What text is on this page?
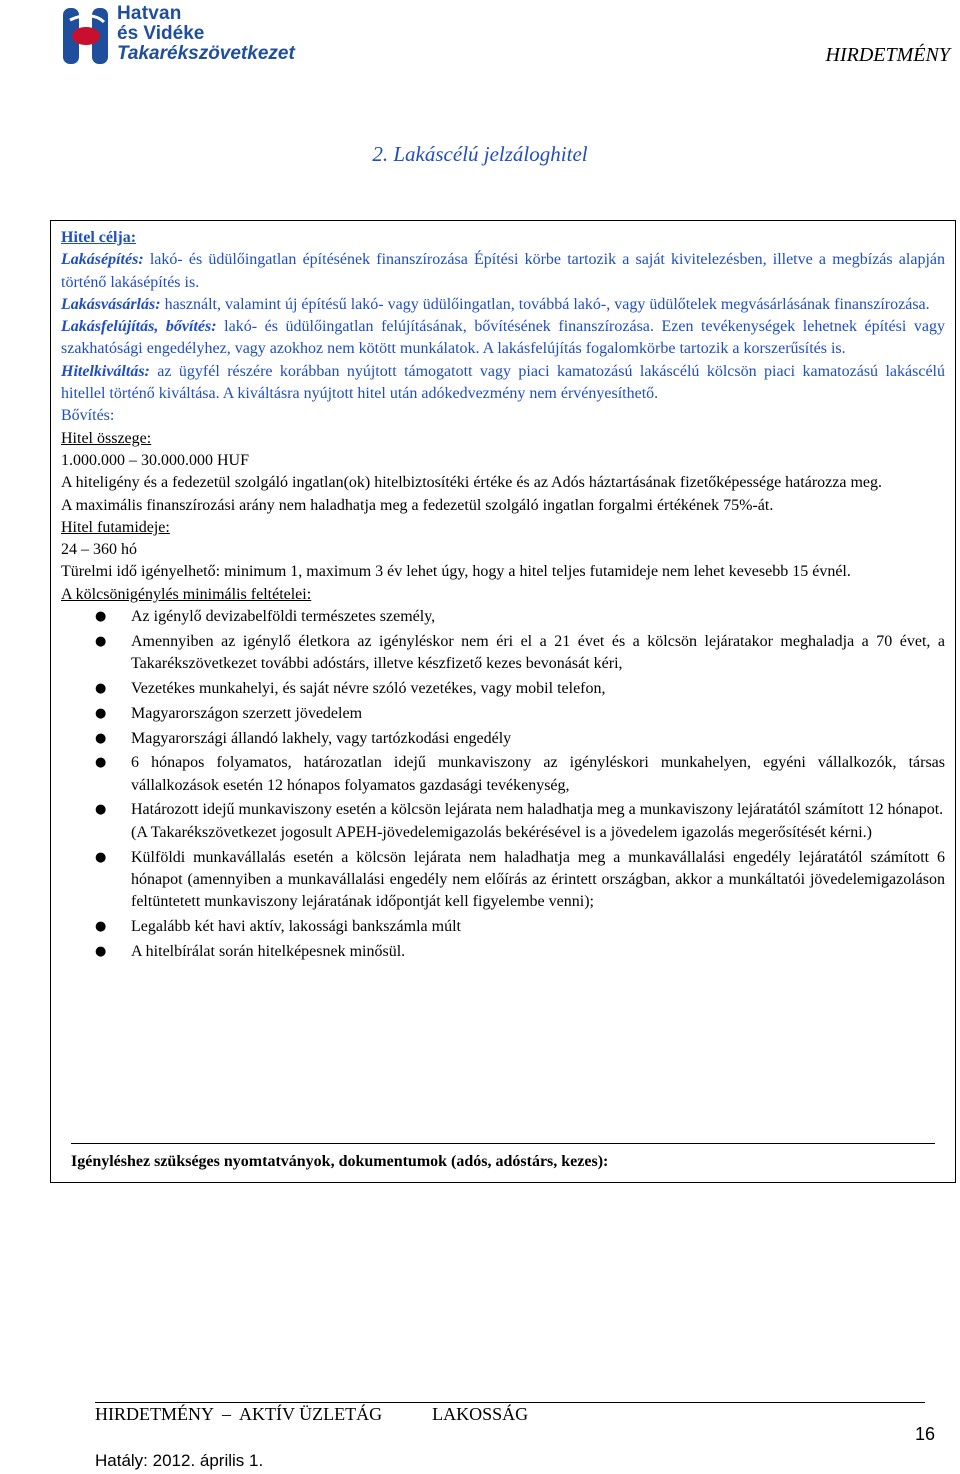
Hatvan
és Vidéke
Takarékszövetkezet	HIRDETMÉNY
2. Lakáscélú jelzáloghitel

Hitel célja:

Lakásépítés: lakó- és üdülőingatlan építésének finanszírozása Építési körbe tartozik a saját kivitelezésben, illetve a megbízás alapján történő lakásépítés is.

Lakásvásárlás: használt, valamint új építésű lakó- vagy üdülőingatlan, továbbá lakó-, vagy üdülőtelek megvásárlásának finanszírozása.

Lakásfelújítás, bővítés: lakó- és üdülőingatlan felújításának, bővítésének finanszírozása. Ezen tevékenységek lehetnek építési vagy szakhatósági engedélyhez, vagy azokhoz nem kötött munkálatok. A lakásfelújítás fogalomkörbe tartozik a korszerűsítés is.

Hitelkiváltás: az ügyfél részére korábban nyújtott támogatott vagy piaci kamatozású lakáscélú kölcsön piaci kamatozású lakáscélú hitellel történő kiváltása. A kiváltásra nyújtott hitel után adókedvezmény nem érvényesíthető.

Bővítés:

Hitel összege:

1.000.000 – 30.000.000 HUF

A hiteligény és a fedezetül szolgáló ingatlan(ok) hitelbiztosítéki értéke és az Adós háztartásának fizetőképessége határozza meg.

A maximális finanszírozási arány nem haladhatja meg a fedezetül szolgáló ingatlan forgalmi értékének 75%-át.

Hitel futamideje:

24 – 360 hó

Türelmi idő igényelhető: minimum 1, maximum 3 év lehet úgy, hogy a hitel teljes futamideje nem lehet kevesebb 15 évnél.

A kölcsönigénylés minimális feltételei:

● Az igénylő devizabelföldi természetes személy,
● Amennyiben az igénylő életkora az igényléskor nem éri el a 21 évet és a kölcsön lejáratakor meghaladja a 70 évet, a Takarékszövetkezet további adóstárs, illetve készfizető kezes bevonását kéri,
● Vezetékes munkahelyi, és saját névre szóló vezetékes, vagy mobil telefon,
● Magyarországon szerzett jövedelem
● Magyarországi állandó lakhely, vagy tartózkodási engedély
● 6 hónapos folyamatos, határozatlan idejű munkaviszony az igényléskori munkahelyen, egyéni vállalkozók, társas vállalkozások esetén 12 hónapos folyamatos gazdasági tevékenység,
● Határozott idejű munkaviszony esetén a kölcsön lejárata nem haladhatja meg a munkaviszony lejáratától számított 12 hónapot.
(A Takarékszövetkezet jogosult APEH-jövedelemigazolás bekérésével is a jövedelem igazolás megerősítését kérni.)
● Külföldi munkavállalás esetén a kölcsön lejárata nem haladhatja meg a munkavállalási engedély lejáratától számított 6 hónapot (amennyiben a munkavállalási engedély nem előírás az érintett országban, akkor a munkáltatói jövedelemigazoláson feltüntetett munkaviszony lejáratának időpontját kell figyelembe venni);
● Legalább két havi aktív, lakossági bankszámla múlt
● A hitelbírálat során hitelképesnek minősül.
Igényléshez szükséges nyomtatványok, dokumentumok (adós, adóstárs, kezes):
HIRDETMÉNY – AKTÍV ÜZLETÁG	LAKOSSÁG
Hatály: 2012. április 1.
16
